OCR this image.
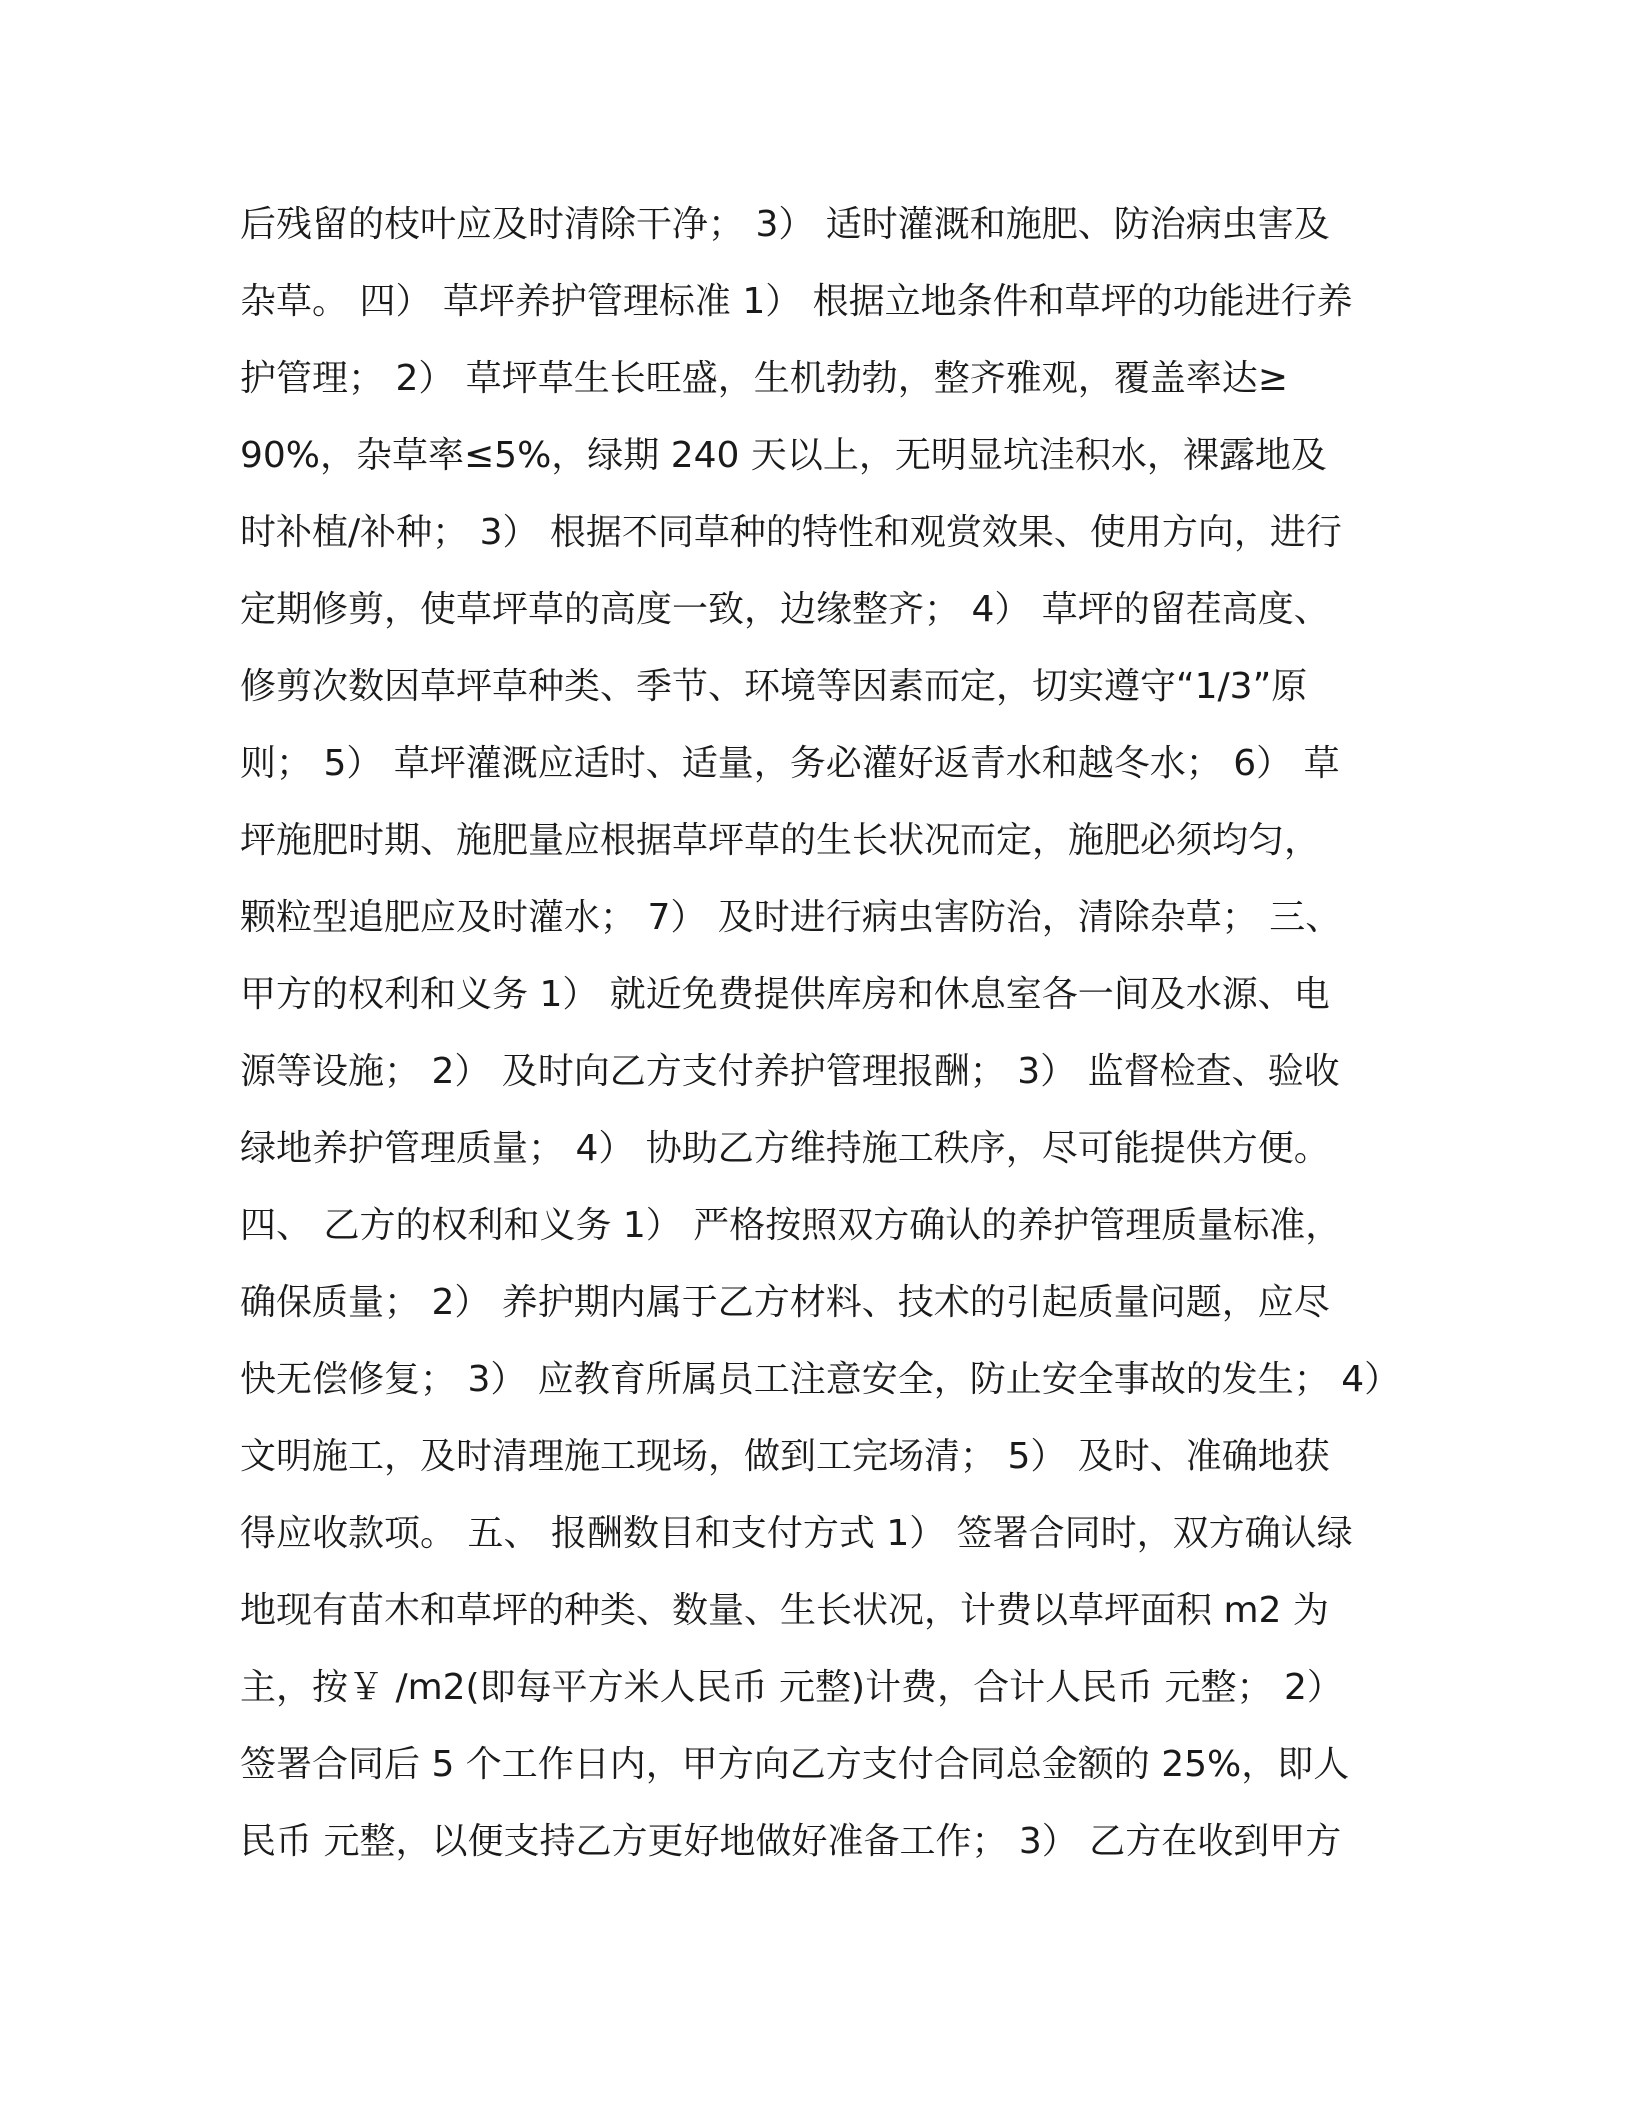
后残留的枝叶应及时清除干净； 3） 适时灌溉和施肥、防治病虫害及
杂草。 四） 草坪养护管理标准 1） 根据立地条件和草坪的功能进行养
护管理； 2） 草坪草生长旺盛，生机勃勃，整齐雅观，覆盖率达≥
90%，杂草率≤5%，绿期 240 天以上，无明显坑洼积水，裸露地及
时补植/补种； 3） 根据不同草种的特性和观赏效果、使用方向，进行
定期修剪，使草坪草的高度一致，边缘整齐； 4） 草坪的留茬高度、
修剪次数因草坪草种类、季节、环境等因素而定，切实遵守“1/3”原
则； 5） 草坪灌溉应适时、适量，务必灌好返青水和越冬水； 6） 草
坪施肥时期、施肥量应根据草坪草的生长状况而定，施肥必须均匀，
颗粒型追肥应及时灌水； 7） 及时进行病虫害防治，清除杂草； 三、
甲方的权利和义务 1） 就近免费提供库房和休息室各一间及水源、电
源等设施； 2） 及时向乙方支付养护管理报酬； 3） 监督检查、验收
绿地养护管理质量； 4） 协助乙方维持施工秩序，尽可能提供方便。
四、 乙方的权利和义务 1） 严格按照双方确认的养护管理质量标准，
确保质量； 2） 养护期内属于乙方材料、技术的引起质量问题，应尽
快无偿修复； 3） 应教育所属员工注意安全，防止安全事故的发生； 4）
文明施工，及时清理施工现场，做到工完场清； 5） 及时、准确地获
得应收款项。 五、 报酬数目和支付方式 1） 签署合同时，双方确认绿
地现有苗木和草坪的种类、数量、生长状况，计费以草坪面积 m2 为
主，按￥ /m2(即每平方米人民币 元整)计费，合计人民币 元整； 2）
签署合同后 5 个工作日内，甲方向乙方支付合同总金额的 25%，即人
民币 元整，以便支持乙方更好地做好准备工作； 3） 乙方在收到甲方
